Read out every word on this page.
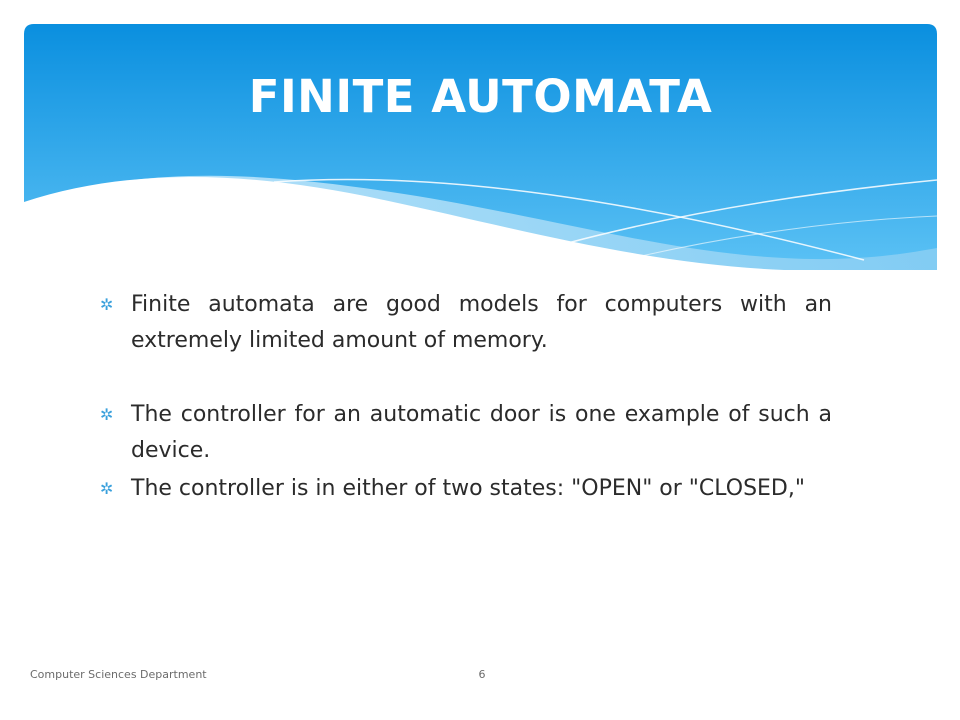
FINITE AUTOMATA
✲ Finite automata are good models for computers with an extremely limited amount of memory.
✲ The controller for an automatic door is one example of such a device.
✲ The controller is in either of two states: "OPEN" or "CLOSED,"
Computer Sciences Department	6
